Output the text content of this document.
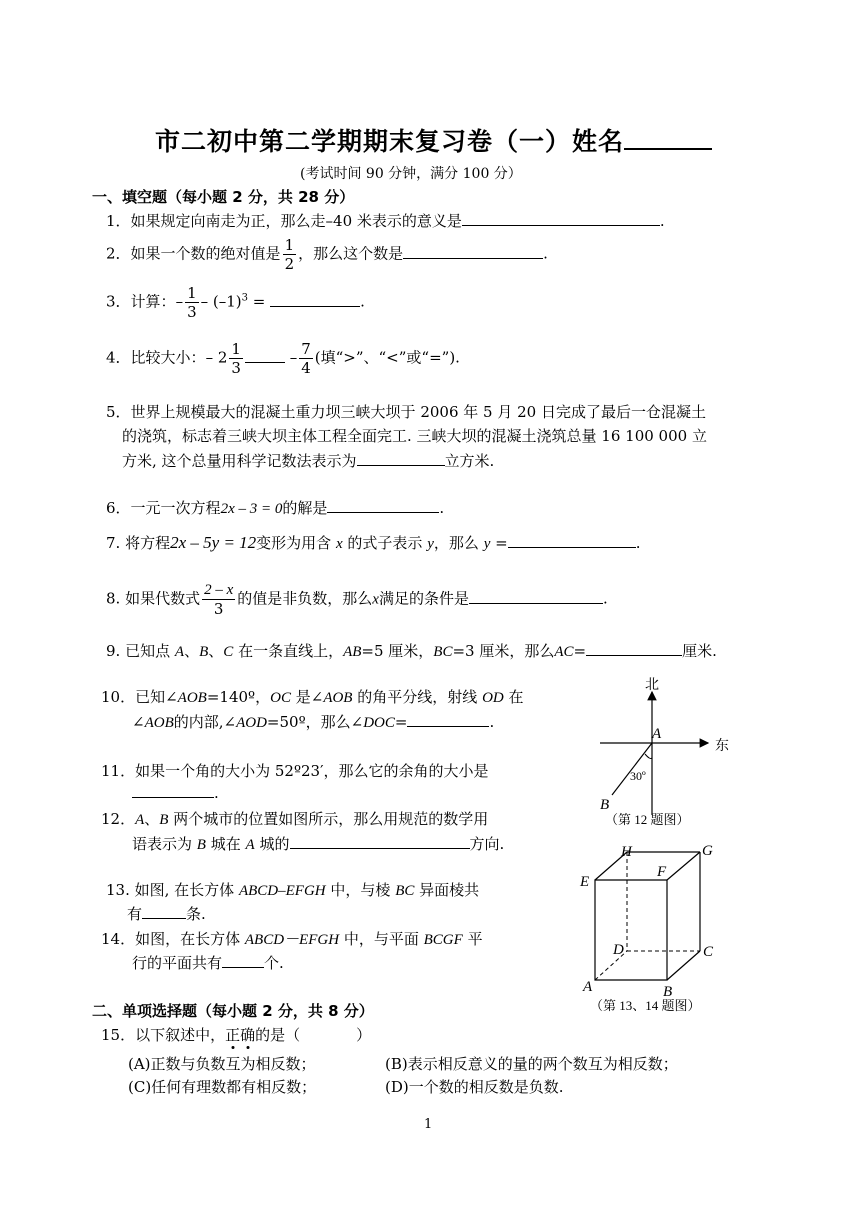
市二初中第二学期期末复习卷（一） 姓名
(考试时间 90 分钟，满分 100 分）
一、填空题（每小题 2 分，共 28 分）
1．如果规定向南走为正，那么走–40 米表示的意义是	.
2．如果一个数的绝对值是 $\frac{1}{2}$ ，那么这个数是	.
3．计算：– $\frac{1}{3} - (-1)^3$ =	.
4．比较大小：– $2 \frac{1}{3}$	– $\frac{7}{4}$ (填“>”、“<”或“=”).
5．世界上规模最大的混凝土重力坝三峡大坝于 2006 年 5 月 20 日完成了最后一仓混凝土
的浇筑，标志着三峡大坝主体工程全面完工. 三峡大坝的混凝土浇筑总量 16 100 000 立
方米, 这个总量用科学记数法表示为	立方米.
6．一元一次方程2x – 3 = 0的解是	.
7. 将方程2x – 5y = 12变形为用含 x 的式子表示 y，那么 y =	.
8. 如果代数式 $\frac{2 - x}{3}$ 的值是非负数，那么x满足的条件是	.
9. 已知点 A、B、C 在一条直线上，AB=5 厘米，BC=3 厘米，那么AC=	厘米.
10．已知∠AOB=140º，OC 是∠AOB 的角平分线，射线 OD 在
∠AOB的内部,∠AOD=50º，那么∠DOC=	.
11．如果一个角的大小为 52º23′，那么它的余角的大小是
.
12．A、B 两个城市的位置如图所示，那么用规范的数学用
语表示为 B 城在 A 城的	方向.
13. 如图, 在长方体 ABCD–EFGH 中，与棱 BC 异面棱共
有	条.
14．如图，在长方体 ABCD－EFGH 中，与平面 BCGF 平
行的平面共有	个.
北
东
A
B
30º
（第 12 题图）
H	G
E
F
D	C
A	B
（第 13、14 题图）
二、单项选择题（每小题 2 分，共 8 分）
15．以下叙述中，正确的是（	）
(A)正数与负数互为相反数；	(B)表示相反意义的量的两个数互为相反数；
(C)任何有理数都有相反数；	(D)一个数的相反数是负数.
1
